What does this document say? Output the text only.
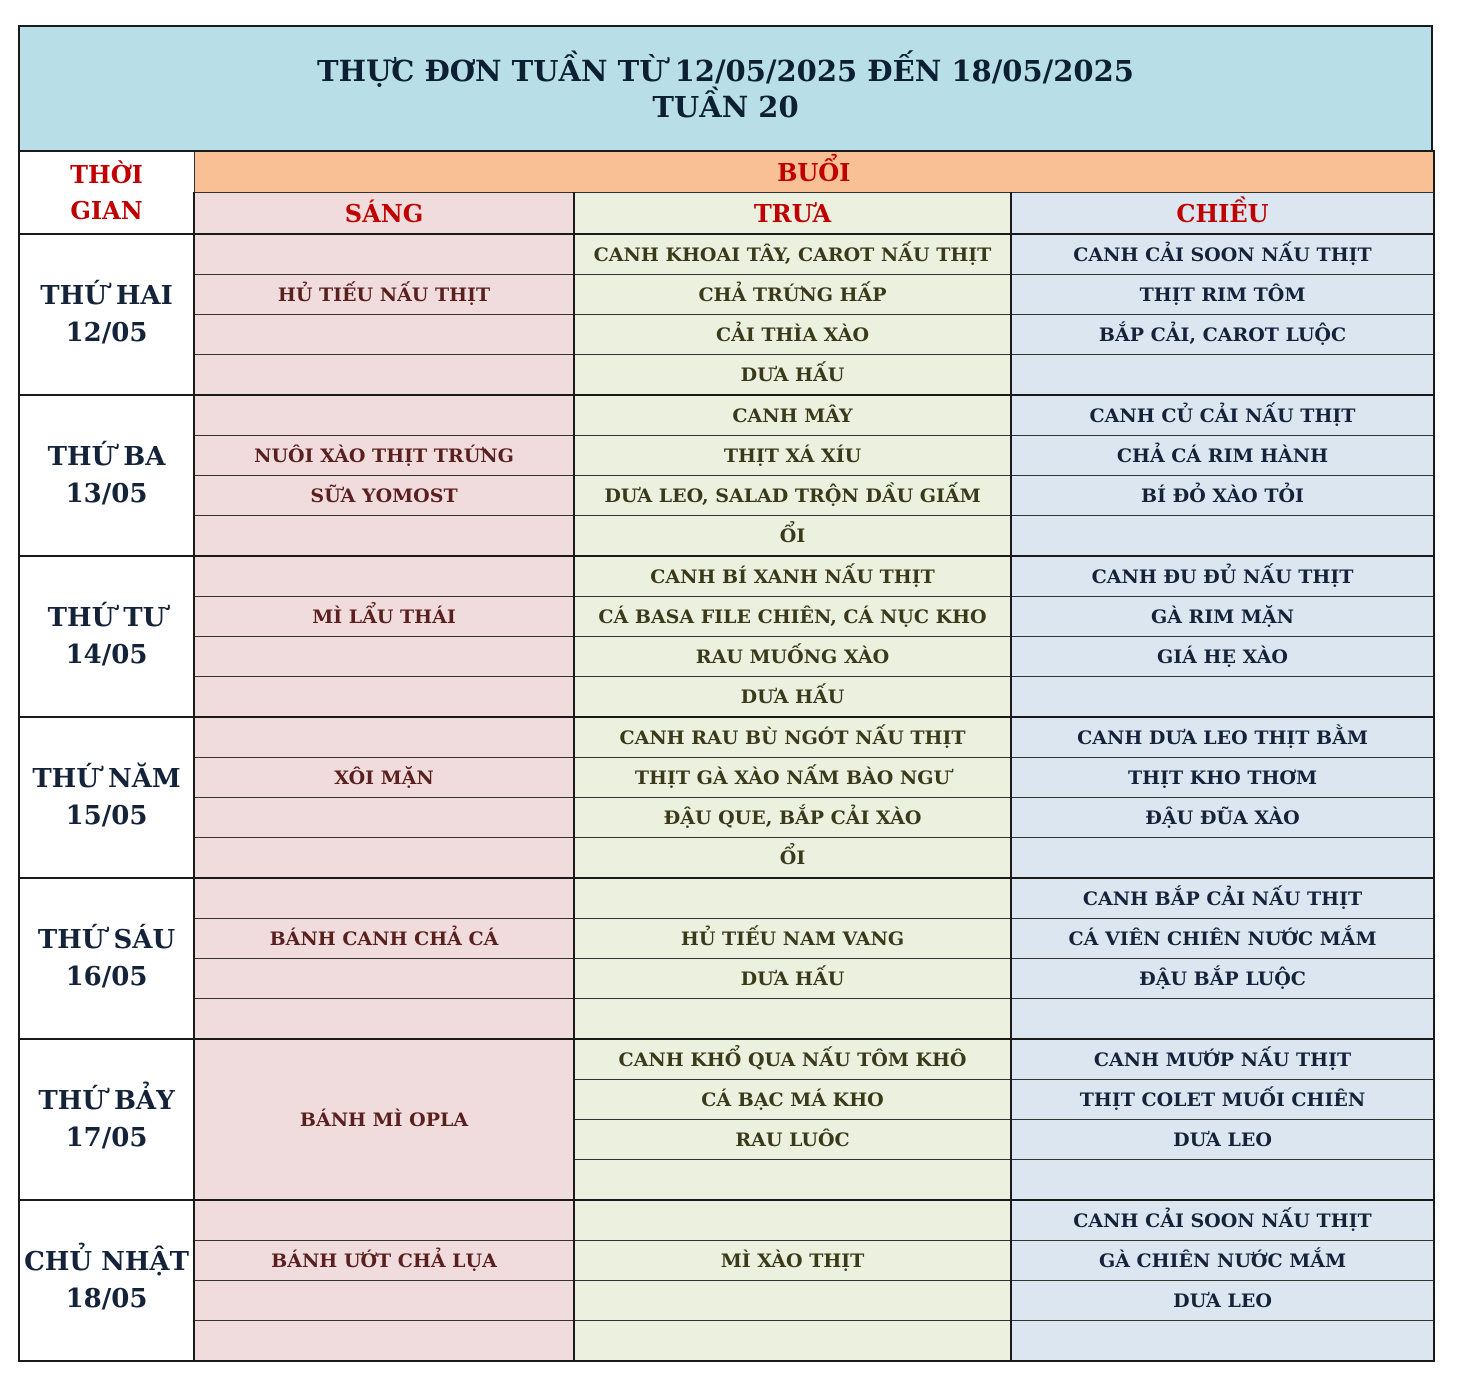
THỰC ĐƠN TUẦN TỪ 12/05/2025 ĐẾN 18/05/2025
TUẦN 20
THỜI
GIAN	BUỔI		
	SÁNG	TRƯA	CHIỀU

THỨ HAI
12/05		CANH KHOAI TÂY, CAROT NẤU THỊT	CANH CẢI SOON NẤU THỊT
	HỦ TIẾU NẤU THỊT	CHẢ TRỨNG HẤP	THỊT RIM TÔM
		CẢI THÌA XÀO	BẮP CẢI, CAROT LUỘC
		DƯA HẤU	

THỨ BA
13/05		CANH MÂY	CANH CỦ CẢI NẤU THỊT
	NUÔI XÀO THỊT TRỨNG	THỊT XÁ XÍU	CHẢ CÁ RIM HÀNH
	SỮA YOMOST	DƯA LEO, SALAD TRỘN DẦU GIẤM	BÍ ĐỎ XÀO TỎI
		ỔI	

THỨ TƯ
14/05		CANH BÍ XANH NẤU THỊT	CANH ĐU ĐỦ NẤU THỊT
	MÌ LẨU THÁI	CÁ BASA FILE CHIÊN, CÁ NỤC KHO	GÀ RIM MẶN
		RAU MUỐNG XÀO	GIÁ HẸ XÀO
		DƯA HẤU	

THỨ NĂM
15/05		CANH RAU BÙ NGÓT NẤU THỊT	CANH DƯA LEO THỊT BẰM
	XÔI MẶN	THỊT GÀ XÀO NẤM BÀO NGƯ	THỊT KHO THƠM
		ĐẬU QUE, BẮP CẢI XÀO	ĐẬU ĐŨA XÀO
		ỔI	

THỨ SÁU
16/05			CANH BẮP CẢI NẤU THỊT
	BÁNH CANH CHẢ CÁ	HỦ TIẾU NAM VANG	CÁ VIÊN CHIÊN NƯỚC MẮM
		DƯA HẤU	ĐẬU BẮP LUỘC

THỨ BẢY
17/05	BÁNH MÌ OPLA	CANH KHỔ QUA NẤU TÔM KHÔ	CANH MƯỚP NẤU THỊT
		CÁ BẠC MÁ KHO	THỊT COLET MUỐI CHIÊN
		RAU LUÔC	DƯA LEO

CHỦ NHẬT
18/05			CANH CẢI SOON NẤU THỊT
	BÁNH ƯỚT CHẢ LỤA	MÌ XÀO THỊT	GÀ CHIÊN NƯỚC MẮM
			DƯA LEO
